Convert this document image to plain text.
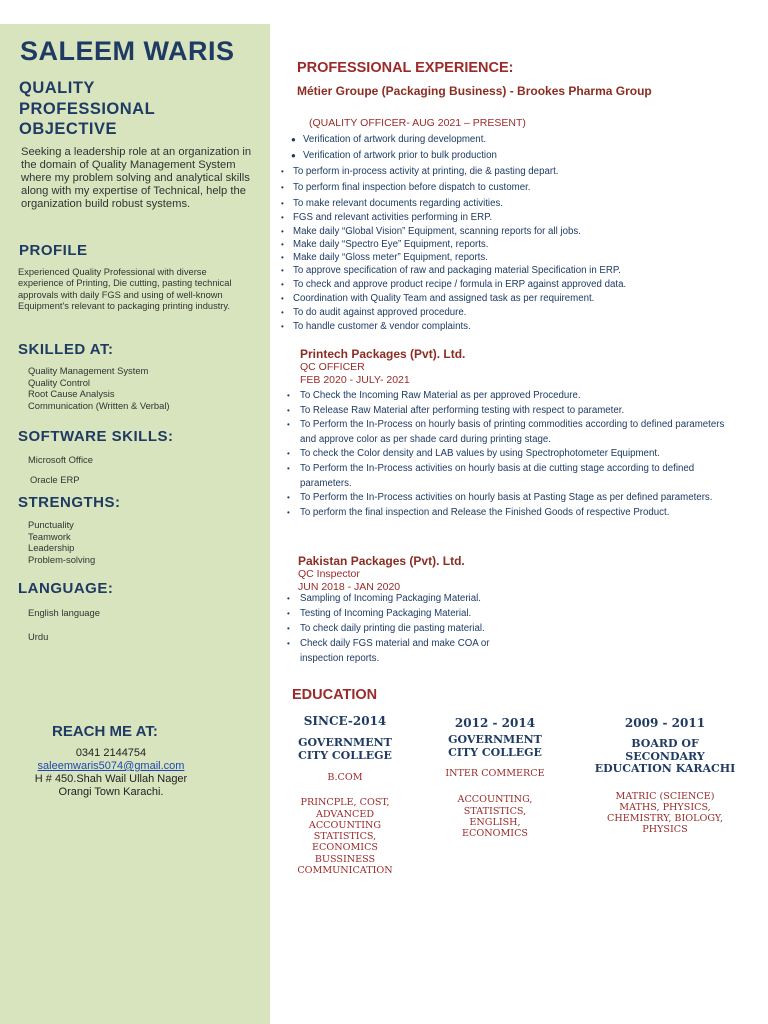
SALEEM WARIS
QUALITY
PROFESSIONAL
OBJECTIVE
Seeking a leadership role at an organization in the domain of Quality Management System where my problem solving and analytical skills along with my expertise of Technical, help the organization build robust systems.
PROFILE
Experienced Quality Professional with diverse experience of Printing, Die cutting, pasting technical approvals with daily FGS and using of well-known Equipment's relevant to packaging printing industry.
SKILLED AT:
Quality Management System
Quality Control
Root Cause Analysis
Communication (Written & Verbal)
SOFTWARE SKILLS:
Microsoft Office
Oracle ERP
STRENGTHS:
Punctuality
Teamwork
Leadership
Problem-solving
LANGUAGE:
English language
Urdu
REACH ME AT:
0341 2144754
saleemwaris5074@gmail.com
H # 450.Shah Wail Ullah Nager
Orangi Town Karachi.
PROFESSIONAL EXPERIENCE:
Métier Groupe (Packaging Business) - Brookes Pharma Group
(QUALITY OFFICER- AUG 2021 – PRESENT)
● Verification of artwork during development.
● Verification of artwork prior to bulk production
• To perform in-process activity at printing, die & pasting depart.
• To perform final inspection before dispatch to customer.
• To make relevant documents regarding activities.
• FGS and relevant activities performing in ERP.
• Make daily “Global Vision” Equipment, scanning reports for all jobs.
• Make daily “Spectro Eye” Equipment, reports.
• Make daily “Gloss meter” Equipment, reports.
• To approve specification of raw and packaging material Specification in ERP.
• To check and approve product recipe / formula in ERP against approved data.
• Coordination with Quality Team and assigned task as per requirement.
• To do audit against approved procedure.
• To handle customer & vendor complaints.
Printech Packages (Pvt). Ltd.
QC OFFICER
FEB 2020 - JULY- 2021
• To Check the Incoming Raw Material as per approved Procedure.
• To Release Raw Material after performing testing with respect to parameter.
• To Perform the In-Process on hourly basis of printing commodities according to defined parameters and approve color as per shade card during printing stage.
• To check the Color density and LAB values by using Spectrophotometer Equipment.
• To Perform the In-Process activities on hourly basis at die cutting stage according to defined parameters.
• To Perform the In-Process activities on hourly basis at Pasting Stage as per defined parameters.
• To perform the final inspection and Release the Finished Goods of respective Product.
Pakistan Packages (Pvt). Ltd.
QC Inspector
JUN 2018 - JAN 2020
• Sampling of Incoming Packaging Material.
• Testing of Incoming Packaging Material.
• To check daily printing die pasting material.
• Check daily FGS material and make COA or inspection reports.
EDUCATION
SINCE-2014
GOVERNMENT
CITY COLLEGE
B.COM
PRINCPLE, COST,
ADVANCED
ACCOUNTING
STATISTICS,
ECONOMICS
BUSSINESS
COMMUNICATION
2012 - 2014
GOVERNMENT
CITY COLLEGE
INTER COMMERCE
ACCOUNTING,
STATISTICS,
ENGLISH,
ECONOMICS
2009 - 2011
BOARD OF
SECONDARY
EDUCATION KARACHI
MATRIC (SCIENCE)
MATHS, PHYSICS,
CHEMISTRY, BIOLOGY,
PHYSICS
